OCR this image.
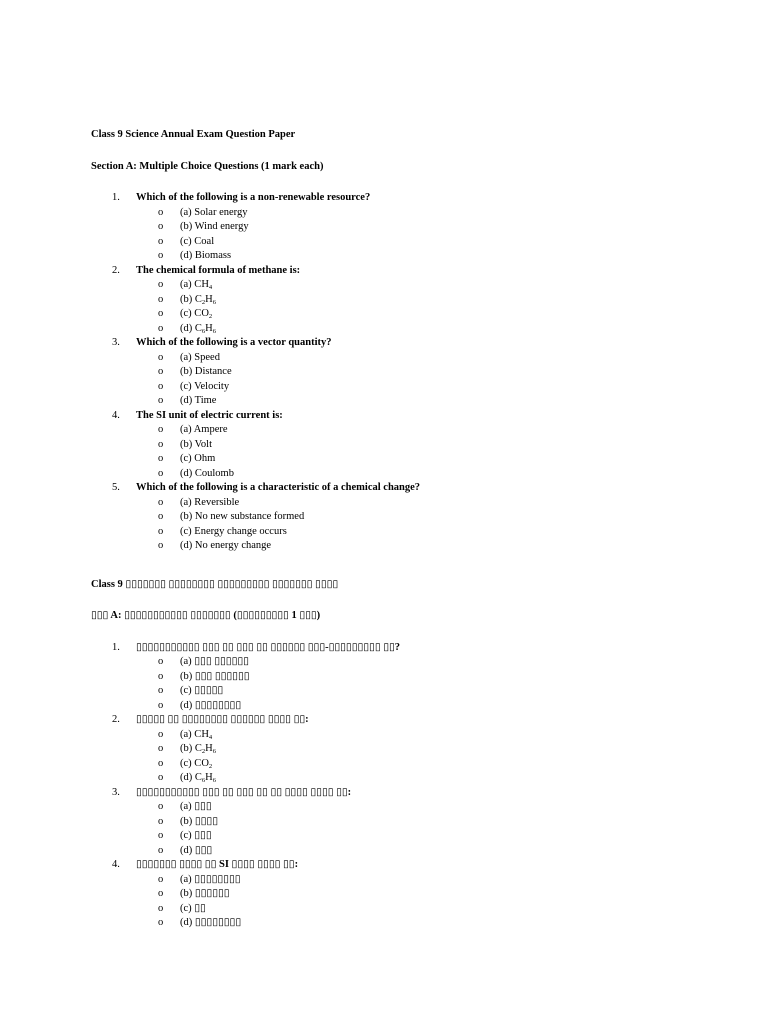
Class 9 Science Annual Exam Question Paper

Section A: Multiple Choice Questions (1 mark each)

1.	Which of the following is a non-renewable resource?
o (a) Solar energy
o (b) Wind energy
o (c) Coal
o (d) Biomass
2.	The chemical formula of methane is:
o (a) $CH_4$
o (b) $C_2H_6$
o (c) $CO_2$
o (d) $C_6H_6$
3.	Which of the following is a vector quantity?
o (a) Speed
o (b) Distance
o (c) Velocity
o (d) Time
4.	The SI unit of electric current is:
o (a) Ampere
o (b) Volt
o (c) Ohm
o (d) Coulomb
5.	Which of the following is a characteristic of a chemical change?
o (a) Reversible
o (b) No new substance formed
o (c) Energy change occurs
o (d) No energy change

Class 9 ▯▯▯▯▯▯▯ ▯▯▯▯▯▯▯▯ ▯▯▯▯▯▯▯▯▯ ▯▯▯▯▯▯▯ ▯▯▯▯

▯▯▯ A: ▯▯▯▯▯▯▯▯▯▯▯ ▯▯▯▯▯▯▯ (▯▯▯▯▯▯▯▯▯ 1 ▯▯▯)

1.	▯▯▯▯▯▯▯▯▯▯▯ ▯▯▯ ▯▯ ▯▯▯ ▯▯ ▯▯▯▯▯▯ ▯▯▯-▯▯▯▯▯▯▯▯▯ ▯▯?
o (a) ▯▯▯ ▯▯▯▯▯▯
o (b) ▯▯▯ ▯▯▯▯▯▯
o (c) ▯▯▯▯▯
o (d) ▯▯▯▯▯▯▯▯
2.	▯▯▯▯▯ ▯▯ ▯▯▯▯▯▯▯▯ ▯▯▯▯▯▯ ▯▯▯▯ ▯▯:
o (a) $CH_4$
o (b) $C_2H_6$
o (c) $CO_2$
o (d) $C_6H_6$
3.	▯▯▯▯▯▯▯▯▯▯▯ ▯▯▯ ▯▯ ▯▯▯ ▯▯ ▯▯ ▯▯▯▯ ▯▯▯▯ ▯▯:
o (a) ▯▯▯
o (b) ▯▯▯▯
o (c) ▯▯▯
o (d) ▯▯▯
4.	▯▯▯▯▯▯▯ ▯▯▯▯ ▯▯ SI ▯▯▯▯ ▯▯▯▯ ▯▯:
o (a) ▯▯▯▯▯▯▯▯
o (b) ▯▯▯▯▯▯
o (c) ▯▯
o (d) ▯▯▯▯▯▯▯▯
